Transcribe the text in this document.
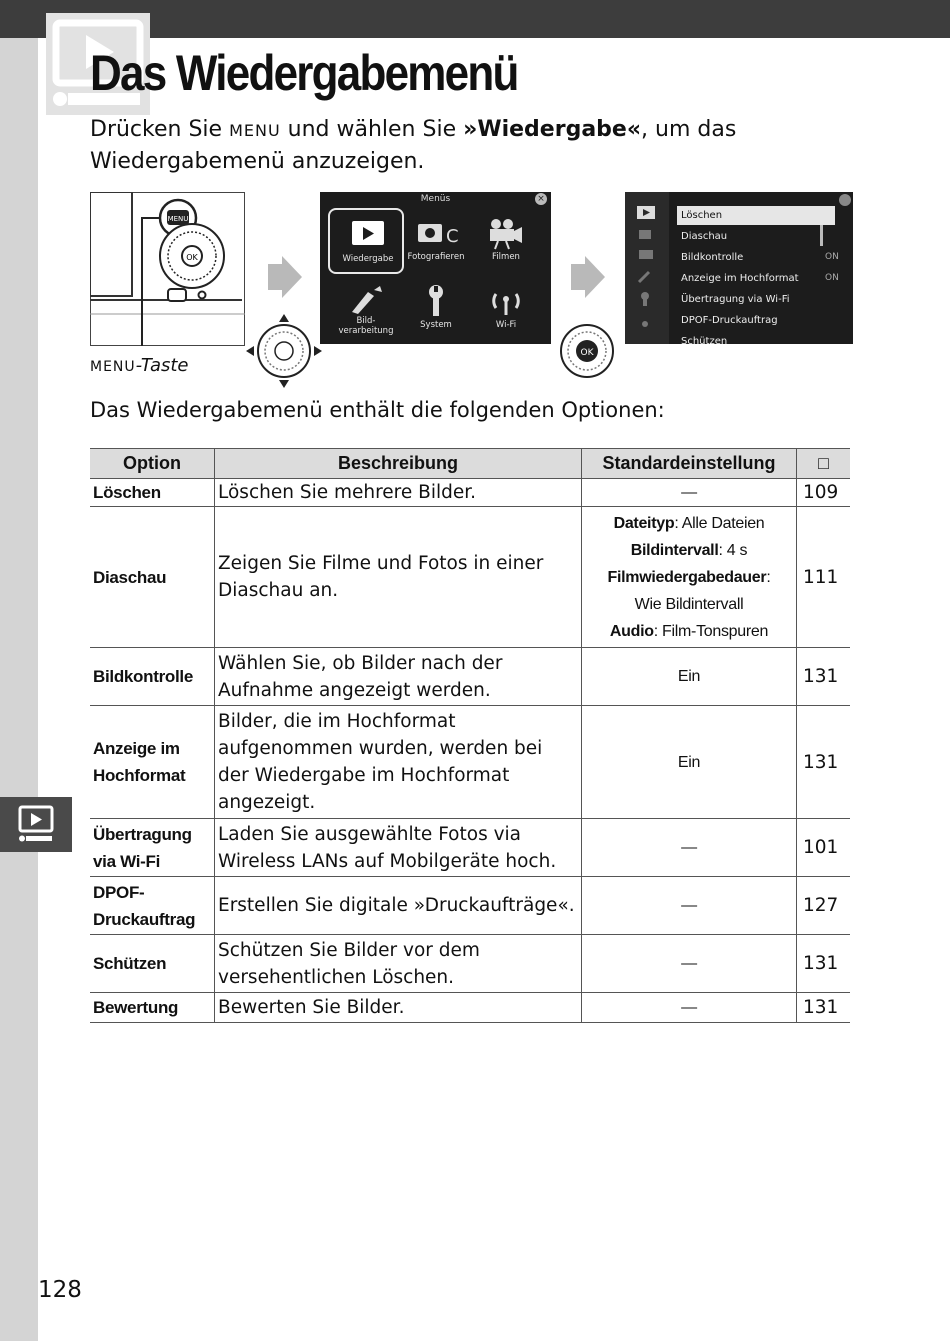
Das Wiedergabemenü

Drücken Sie MENU und wählen Sie »Wiedergabe«, um das Wiedergabemenü anzuzeigen.

MENU
OK
MENU-Taste
Menüs	×
Wiedergabe
C
Fotografieren	Filmen
Bild-
verarbeitung
System	Wi-Fi
OK
Löschen
Diaschau
Bildkontrolle	ON
Anzeige im Hochformat	ON
Übertragung via Wi-Fi
DPOF-Druckauftrag
Schützen

Das Wiedergabemenü enthält die folgenden Optionen:

Option	Beschreibung	Standardeinstellung	□
Löschen	Löschen Sie mehrere Bilder.	—	109
Diaschau	Zeigen Sie Filme und Fotos in einer Diaschau an.	Dateityp: Alle Dateien
Bildintervall: 4 s
Filmwiedergabedauer:
Wie Bildintervall
Audio: Film-Tonspuren	111
Bildkontrolle	Wählen Sie, ob Bilder nach der Aufnahme angezeigt werden.	Ein	131
Anzeige im Hochformat	Bilder, die im Hochformat aufgenommen wurden, werden bei der Wiedergabe im Hochformat angezeigt.	Ein	131
Übertragung via Wi-Fi	Laden Sie ausgewählte Fotos via Wireless LANs auf Mobilgeräte hoch.	—	101
DPOF-Druckauftrag	Erstellen Sie digitale »Druckaufträge«.	—	127
Schützen	Schützen Sie Bilder vor dem versehentlichen Löschen.	—	131
Bewertung	Bewerten Sie Bilder.	—	131
128
